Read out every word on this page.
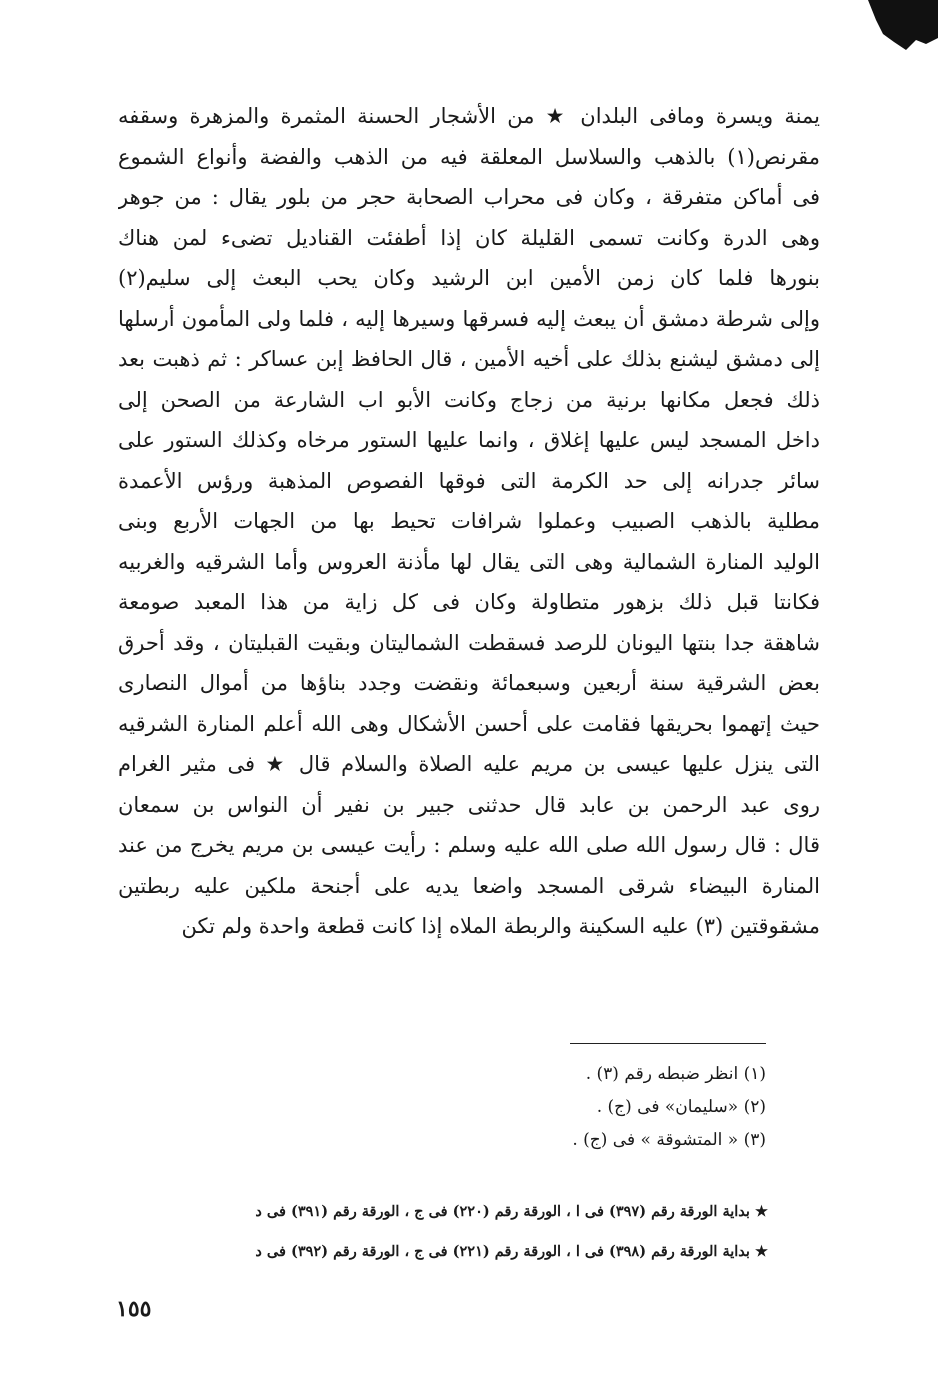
يمنة ويسرة ومافى البلدان ★ من الأشجار الحسنة المثمرة والمزهرة وسقفه
مقرنص(١) بالذهب والسلاسل المعلقة فيه من الذهب والفضة وأنواع الشموع
فى أماكن متفرقة ، وكان فى محراب الصحابة حجر من بلور يقال : من جوهر
وهى الدرة وكانت تسمى القليلة كان إذا أطفئت القناديل تضىء لمن هناك
بنورها فلما كان زمن الأمين ابن الرشيد وكان يحب البعث إلى سليم(٢)
وإلى شرطة دمشق أن يبعث إليه فسرقها وسيرها إليه ، فلما ولى المأمون أرسلها
إلى دمشق ليشنع بذلك على أخيه الأمين ، قال الحافظ إبن عساكر : ثم ذهبت بعد
ذلك فجعل مكانها برنية من زجاج وكانت الأبو اب الشارعة من الصحن إلى
داخل المسجد ليس عليها إغلاق ، وانما عليها الستور مرخاه وكذلك الستور على
سائر جدرانه إلى حد الكرمة التى فوقها الفصوص المذهبة ورؤس الأعمدة
مطلية بالذهب الصبيب وعملوا شرافات تحيط بها من الجهات الأربع وبنى
الوليد المنارة الشمالية وهى التى يقال لها مأذنة العروس وأما الشرقيه والغربيه
فكانتا قبل ذلك بزهور متطاولة وكان فى كل زاية من هذا المعبد صومعة
شاهقة جدا بنتها اليونان للرصد فسقطت الشماليتان وبقيت القبليتان ، وقد أحرق
بعض الشرقية سنة أربعين وسبعمائة ونقضت وجدد بناؤها من أموال النصارى
حيث إتهموا بحريقها فقامت على أحسن الأشكال وهى الله أعلم المنارة الشرقيه
التى ينزل عليها عيسى بن مريم عليه الصلاة والسلام قال ★ فى مثير الغرام
روى عبد الرحمن بن عابد قال حدثنى جبير بن نفير أن النواس بن سمعان
قال : قال رسول الله صلى الله عليه وسلم : رأيت عيسى بن مريم يخرج من عند
المنارة البيضاء شرقى المسجد واضعا يديه على أجنحة ملكين عليه ربطتين
مشقوقتين (٣) عليه السكينة والربطة الملاه إذا كانت قطعة واحدة ولم تكن
(١) انظر ضبطه رقم (٣) .
(٢) «سليمان» فى (ج) .
(٣) « المتشوقة » فى (ج) .
★ بداية الورقة رقم (٣٩٧) فى ا ، الورقة رقم (٢٢٠) فى ج ، الورقة رقم (٣٩١) فى د
★ بداية الورقة رقم (٣٩٨) فى ا ، الورقة رقم (٢٢١) فى ج ، الورقة رقم (٣٩٢) فى د
١٥٥
